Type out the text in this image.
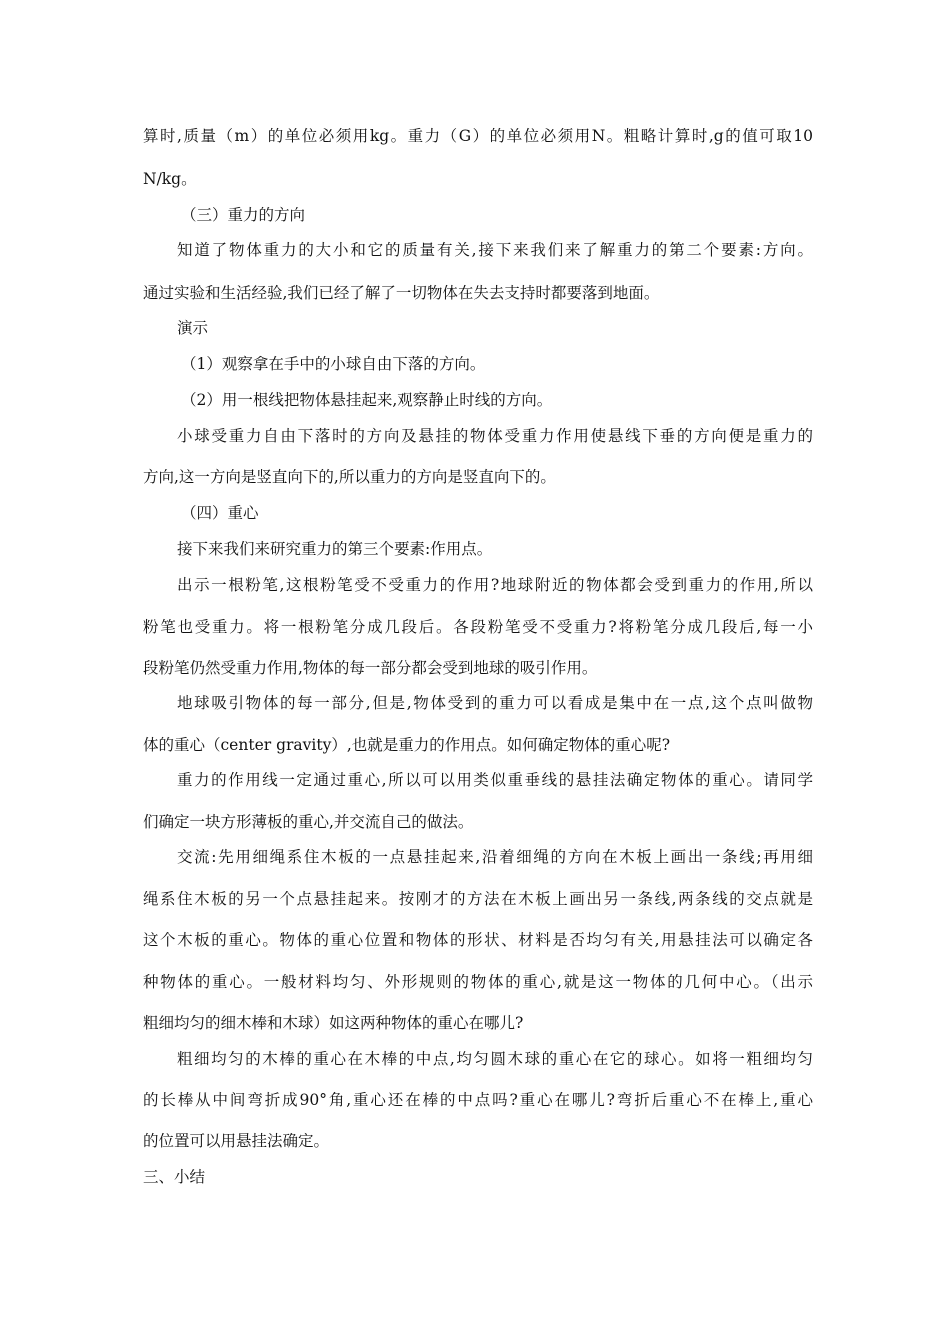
算时,质量（m）的单位必须用kg。重力（G）的单位必须用N。粗略计算时,g的值可取10
N/kg。
（三）重力的方向
知道了物体重力的大小和它的质量有关,接下来我们来了解重力的第二个要素:方向。
通过实验和生活经验,我们已经了解了一切物体在失去支持时都要落到地面。
演示
（1）观察拿在手中的小球自由下落的方向。
（2）用一根线把物体悬挂起来,观察静止时线的方向。
小球受重力自由下落时的方向及悬挂的物体受重力作用使悬线下垂的方向便是重力的
方向,这一方向是竖直向下的,所以重力的方向是竖直向下的。
（四）重心
接下来我们来研究重力的第三个要素:作用点。
出示一根粉笔,这根粉笔受不受重力的作用?地球附近的物体都会受到重力的作用,所以
粉笔也受重力。将一根粉笔分成几段后。各段粉笔受不受重力?将粉笔分成几段后,每一小
段粉笔仍然受重力作用,物体的每一部分都会受到地球的吸引作用。
地球吸引物体的每一部分,但是,物体受到的重力可以看成是集中在一点,这个点叫做物
体的重心（center gravity）,也就是重力的作用点。如何确定物体的重心呢?
重力的作用线一定通过重心,所以可以用类似重垂线的悬挂法确定物体的重心。请同学
们确定一块方形薄板的重心,并交流自己的做法。
交流:先用细绳系住木板的一点悬挂起来,沿着细绳的方向在木板上画出一条线;再用细
绳系住木板的另一个点悬挂起来。按刚才的方法在木板上画出另一条线,两条线的交点就是
这个木板的重心。物体的重心位置和物体的形状、材料是否均匀有关,用悬挂法可以确定各
种物体的重心。一般材料均匀、外形规则的物体的重心,就是这一物体的几何中心。（出示
粗细均匀的细木棒和木球）如这两种物体的重心在哪儿?
粗细均匀的木棒的重心在木棒的中点,均匀圆木球的重心在它的球心。如将一粗细均匀
的长棒从中间弯折成90°角,重心还在棒的中点吗?重心在哪儿?弯折后重心不在棒上,重心
的位置可以用悬挂法确定。
三、小结
